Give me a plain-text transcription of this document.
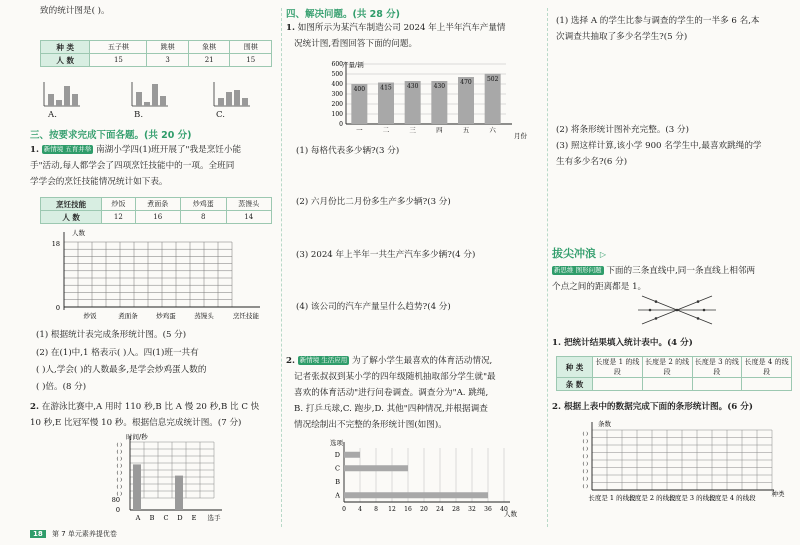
致的统计图是( )。
种 类	五子棋	跳棋	象棋	围棋
人 数	15	3	21	15
A.	B.	C.
三、按要求完成下面各题。(共 20 分)
1. 新情境 五育并举 南湖小学四(1)班开展了"我是烹饪小能
手"活动,每人都学会了四项烹饪技能中的一项。全班同
学学会的烹饪技能情况统计如下表。
烹饪技能	炒饭	煮面条	炒鸡蛋	蒸馒头
人 数	12	16	8	14
人数
18
0
炒饭	煮面条	炒鸡蛋	蒸馒头	烹饪技能
(1) 根据统计表完成条形统计图。(5 分)
(2) 在(1)中,1 格表示( )人。四(1)班一共有
( )人,学会( )的人数最多,是学会炒鸡蛋人数的
( )倍。(8 分)
2. 在游泳比赛中,A 用时 110 秒,B 比 A 慢 20 秒,B 比 C 快
10 秒,E 比冠军慢 10 秒。根据信息完成统计图。(7 分)
( )
( )
( )
( )
( )
( )
( )
( )
时间/秒
80
0
A B C D E 选手
四、解决问题。(共 28 分)
1. 如图所示为某汽车制造公司 2024 年上半年汽车产量情
况统计图,看图回答下面的问题。
产量/辆
月份
0
100
200
300
400
500
600
400
一
415
二
430
三
430
四
470
五
502
六
(1) 每格代表多少辆?(3 分)
(2) 六月份比二月份多生产多少辆?(3 分)
(3) 2024 年上半年一共生产汽车多少辆?(4 分)
(4) 该公司的汽车产量呈什么趋势?(4 分)
2. 新情境 生活应用 为了解小学生最喜欢的体育活动情况,
记者张叔叔到某小学的四年级随机抽取部分学生就"最
喜欢的体育活动"进行问卷调查。调查分为"A. 跳绳,
B. 打乒乓球,C. 跑步,D. 其他"四种情况,并根据调查
情况绘制出不完整的条形统计图(如图)。
选项
人数
0 4 8 12 16 20 24 28 32 36 40
A
B
C
D
(1) 选择 A 的学生比参与调查的学生的一半多 6 名,本
次调查共抽取了多少名学生?(5 分)
(2) 将条形统计图补充完整。(3 分)
(3) 照这样计算,该小学 900 名学生中,最喜欢跳绳的学
生有多少名?(6 分)
拔尖冲浪 ▷
新思维 图形问题 下面的三条直线中,同一条直线上相邻两
个点之间的距离都是 1。
1. 把统计结果填入统计表中。(4 分)
种 类	长度是 1 的线段	长度是 2 的线段	长度是 3 的线段	长度是 4 的线段
条 数				
2. 根据上表中的数据完成下面的条形统计图。(6 分)
( )
( )
( )
( )
( )
( )
( )
( )
条数
长度是 1 的线段
长度是 2 的线段
长度是 3 的线段
长度是 4 的线段 种类
18 第 7 单元素养提优卷
